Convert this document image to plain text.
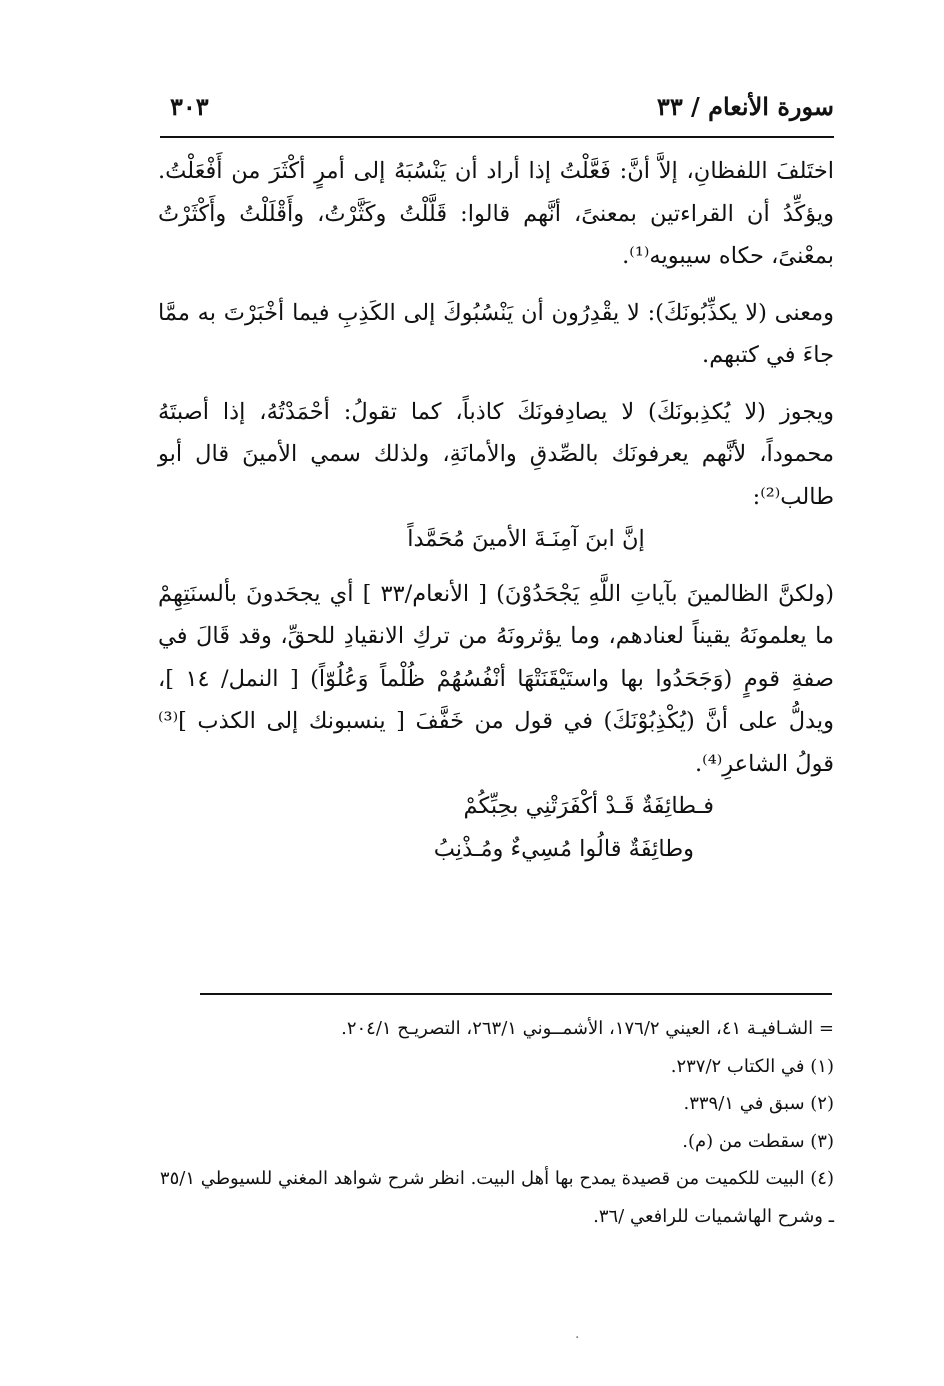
سورة الأنعام / ٣٣
٣٠٣

اختَلفَ اللفظانِ، إلاَّ أنَّ: فَعَّلْتُ إذا أراد أن يَنْسُبَهُ إلى أمرٍ أكْثَرَ من أَفْعَلْتُ. ويؤكِّدُ أن القراءتين بمعنىً، أنَّهم قالوا: قَلَّلْتُ وكَثَّرْتُ، وأَقْلَلْتُ وأَكْثَرْتُ بمعْنىً، حكاه سيبويه⁽¹⁾.

ومعنى (لا يكذِّبُونَكَ): لا يقْدِرُون أن يَنْسُبُوكَ إلى الكَذِبِ فيما أخْبَرْتَ به ممَّا جاءَ في كتبهم.

ويجوز (لا يُكذِبونَكَ) لا يصادِفونَكَ كاذباً، كما تقولُ: أحْمَدْتُهُ، إذا أصبتَهُ محموداً، لأنَّهم يعرفونَك بالصِّدقِ والأمانَةِ، ولذلك سمي الأمينَ قال أبو طالب⁽²⁾:

إنَّ ابنَ آمِنَـةَ الأمينَ مُحَمَّداً

(ولكنَّ الظالمينَ بآياتِ اللَّهِ يَجْحَدُوْنَ) [ الأنعام/٣٣ ] أي يجحَدونَ بألسنَتِهِمْ ما يعلمونَهُ يقيناً لعنادهم، وما يؤثرونَهُ من تركِ الانقيادِ للحقِّ، وقد قَالَ في صفةِ قومٍ (وَجَحَدُوا بها واستَيْقَنَتْهَا أنْفُسُهُمْ ظُلْماً وَعُلُوّاً) [ النمل/ ١٤ ]، ويدلُّ على أنَّ (يُكْذِبُوْنَكَ) في قول من خَفَّفَ [ ينسبونك إلى الكذب ]⁽³⁾ قولُ الشاعرِ⁽⁴⁾.

فـطائِفَةٌ قَـدْ أكْفَرَتْنِي بحِبِّكُمْ

وطائِفَةٌ قالُوا مُسِيءٌ ومُـذْنِبُ

= الشـافيـة ٤١، العيني ١٧٦/٢، الأشمــوني ٢٦٣/١، التصريـح ٢٠٤/١.

(١) في الكتاب ٢٣٧/٢.

(٢) سبق في ٣٣٩/١.

(٣) سقطت من (م).

(٤) البيت للكميت من قصيدة يمدح بها أهل البيت. انظر شرح شواهد المغني للسيوطي ٣٥/١ ـ وشرح الهاشميات للرافعي /٣٦.

·
